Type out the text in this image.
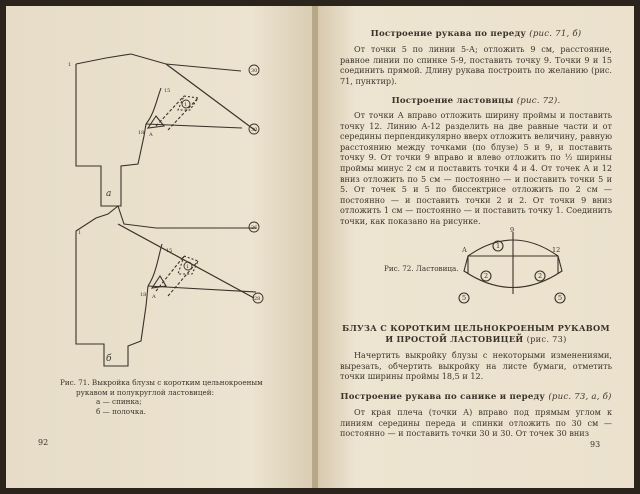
30
30
26
28
1
1
А
А
15
15
1
1
18
18
а
б
Рис. 71. Выкройка блузы с коротким цельнокроеным
рукавом и полукруглой ластовицей:
а — спинка;
б — полочка.
92
Построение рукава по переду (рис. 71, б)

От точки 5 по линии 5-А; отложить 9 см, расстояние, равное линии по спинке 5-9, поставить точку 9. Точки 9 и 15 соединить прямой. Длину рукава построить по желанию (рис. 71, пунктир).

Построение ластовицы (рис. 72).

От точки А вправо отложить ширину проймы и поставить точку 12. Линию А-12 разделить на две равные части и от середины перпендикулярно вверх отложить величину, равную расстоянию между точками (по блузе) 5 и 9, и поставить точку 9. От точки 9 вправо и влево отложить по ½ ширины проймы минус 2 см и поставить точки 4 и 4. От точек А и 12 вниз отложить по 5 см — постоянно — и поставить точки 5 и 5. От точек 5 и 5 по биссектрисе отложить по 2 см — постоянно — и поставить точки 2 и 2. От точки 9 вниз отложить 1 см — постоянно — и поставить точку 1. Соединить точки, как показано на рисунке.

А
9
12
1
2	2
5	5
Рис. 72. Ластовица.
БЛУЗА С КОРОТКИМ ЦЕЛЬНОКРОЕНЫМ РУКАВОМ
И ПРОСТОЙ ЛАСТОВИЦЕЙ (рис. 73)

Начертить выкройку блузы с некоторыми изменениями, вырезать, обчертить выкройку на листе бумаги, отметить точки ширины проймы 18,5 и 12.

Построение рукава по санике и переду (рис. 73, а, б)

От края плеча (точки А) вправо под прямым углом к линиям середины переда и спинки отложить по 30 см — постоянно — и поставить точки 30 и 30. От точек 30 вниз

93
